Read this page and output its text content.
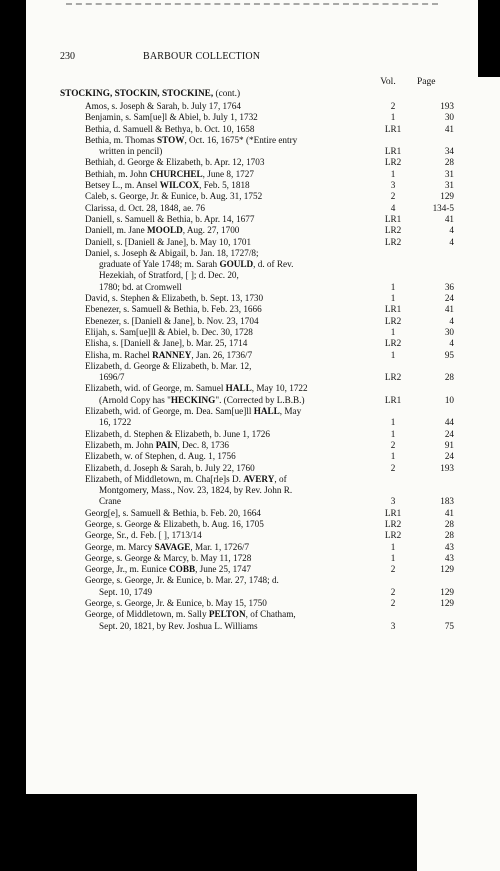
230	BARBOUR COLLECTION
Vol.	Page
STOCKING, STOCKIN, STOCKINE, (cont.)
Amos, s. Joseph & Sarah, b. July 17, 1764	2	193
Benjamin, s. Sam[ue]l & Abiel, b. July 1, 1732	1	30
Bethia, d. Samuell & Bethya, b. Oct. 10, 1658	LR1	41
Bethia, m. Thomas STOW, Oct. 16, 1675* (*Entire entry
written in pencil)	LR1	34
Bethiah, d. George & Elizabeth, b. Apr. 12, 1703	LR2	28
Bethiah, m. John CHURCHEL, June 8, 1727	1	31
Betsey L., m. Ansel WILCOX, Feb. 5, 1818	3	31
Caleb, s. George, Jr. & Eunice, b. Aug. 31, 1752	2	129
Clarissa, d. Oct. 28, 1848, ae. 76	4	134-5
Daniell, s. Samuell & Bethia, b. Apr. 14, 1677	LR1	41
Daniell, m. Jane MOOLD, Aug. 27, 1700	LR2	4
Daniell, s. [Daniell & Jane], b. May 10, 1701	LR2	4
Daniel, s. Joseph & Abigail, b. Jan. 18, 1727/8;
graduate of Yale 1748; m. Sarah GOULD, d. of Rev.
Hezekiah, of Stratford, [ ]; d. Dec. 20,
1780; bd. at Cromwell	1	36
David, s. Stephen & Elizabeth, b. Sept. 13, 1730	1	24
Ebenezer, s. Samuell & Bethia, b. Feb. 23, 1666	LR1	41
Ebenezer, s. [Daniell & Jane], b. Nov. 23, 1704	LR2	4
Elijah, s. Sam[ue]ll & Abiel, b. Dec. 30, 1728	1	30
Elisha, s. [Daniell & Jane], b. Mar. 25, 1714	LR2	4
Elisha, m. Rachel RANNEY, Jan. 26, 1736/7	1	95
Elizabeth, d. George & Elizabeth, b. Mar. 12,
1696/7	LR2	28
Elizabeth, wid. of George, m. Samuel HALL, May 10, 1722
(Arnold Copy has "HECKING". (Corrected by L.B.B.)	LR1	10
Elizabeth, wid. of George, m. Dea. Sam[ue]ll HALL, May
16, 1722	1	44
Elizabeth, d. Stephen & Elizabeth, b. June 1, 1726	1	24
Elizabeth, m. John PAIN, Dec. 8, 1736	2	91
Elizabeth, w. of Stephen, d. Aug. 1, 1756	1	24
Elizabeth, d. Joseph & Sarah, b. July 22, 1760	2	193
Elizabeth, of Middletown, m. Cha[rle]s D. AVERY, of
Montgomery, Mass., Nov. 23, 1824, by Rev. John R.
Crane	3	183
Georg[e], s. Samuell & Bethia, b. Feb. 20, 1664	LR1	41
George, s. George & Elizabeth, b. Aug. 16, 1705	LR2	28
George, Sr., d. Feb. [ ], 1713/14	LR2	28
George, m. Marcy SAVAGE, Mar. 1, 1726/7	1	43
George, s. George & Marcy, b. May 11, 1728	1	43
George, Jr., m. Eunice COBB, June 25, 1747	2	129
George, s. George, Jr. & Eunice, b. Mar. 27, 1748; d.
Sept. 10, 1749	2	129
George, s. George, Jr. & Eunice, b. May 15, 1750	2	129
George, of Middletown, m. Sally PELTON, of Chatham,
Sept. 20, 1821, by Rev. Joshua L. Williams	3	75
